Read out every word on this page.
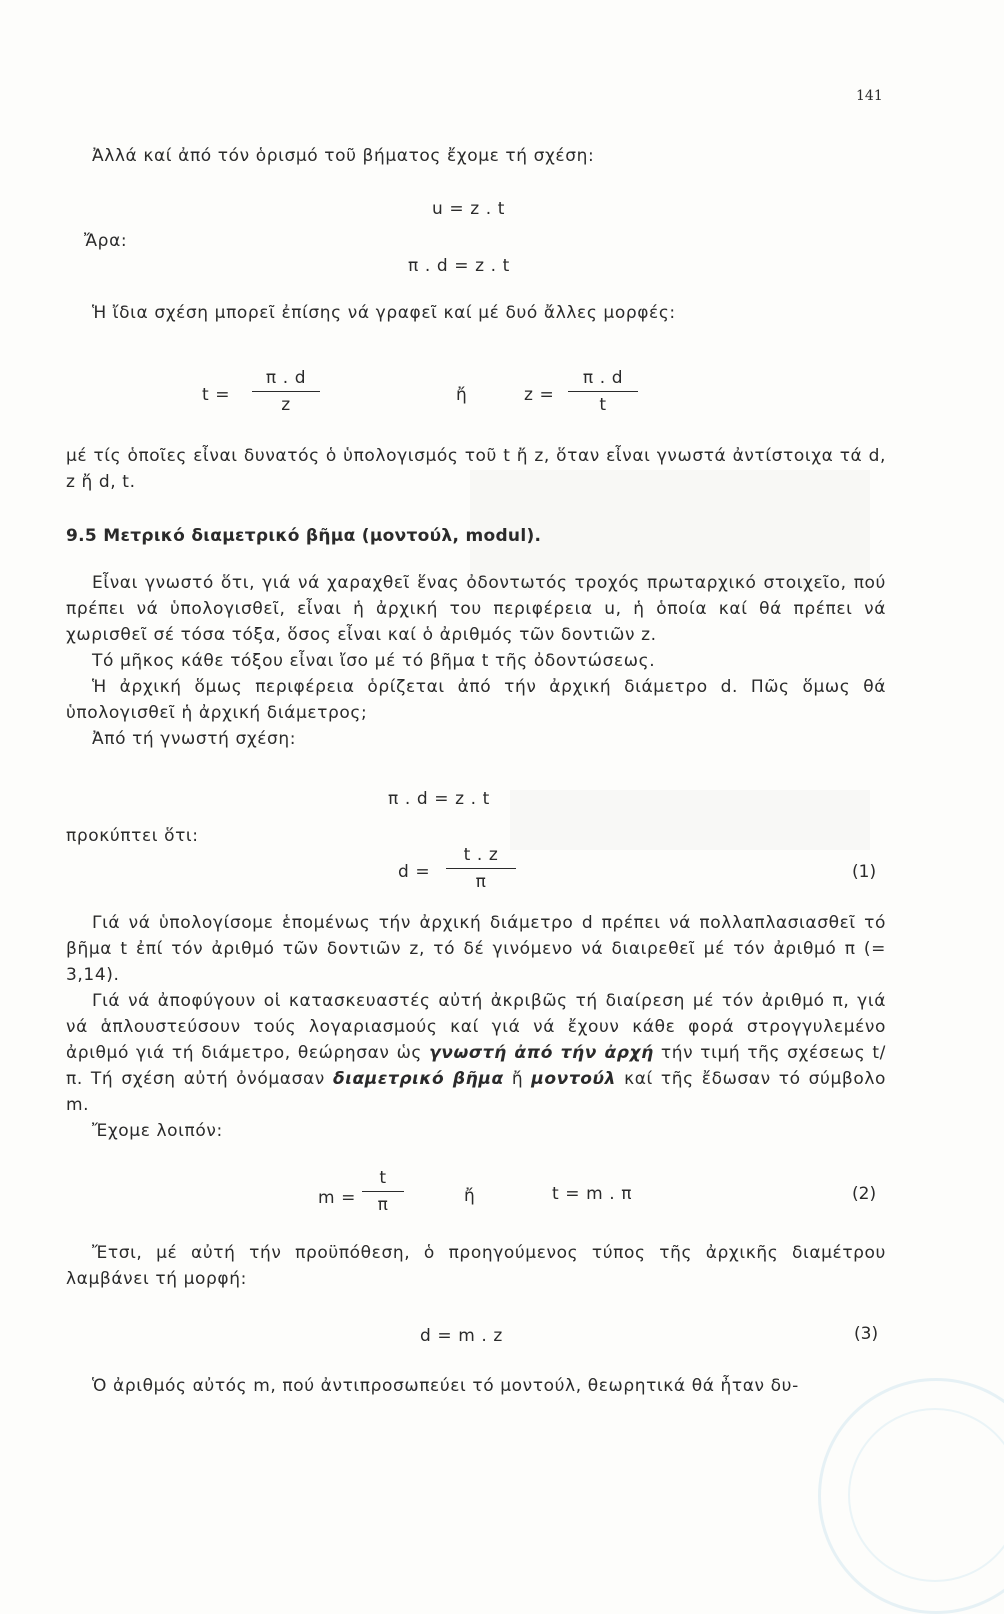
141
Ἀλλά καί ἀπό τόν ὁρισμό τοῦ βήματος ἔχομε τή σχέση:
u = z . t
Ἄρα:
π . d = z . t
Ἡ ἴδια σχέση μπορεῖ ἐπίσης νά γραφεῖ καί μέ δυό ἄλλες μορφές:
t =
π . d
z	ἤ	z =
π . d
t

μέ τίς ὁποῖες εἶναι δυνατός ὁ ὑπολογισμός τοῦ t ἤ z, ὅταν εἶναι γνωστά ἀντίστοιχα τά d, z ἤ d, t.

9.5 Μετρικό διαμετρικό βῆμα (μοντούλ, modul).

Εἶναι γνωστό ὅτι, γιά νά χαραχθεῖ ἕνας ὀδοντωτός τροχός πρωταρχικό στοιχεῖο, πού πρέπει νά ὑπολογισθεῖ, εἶναι ἡ ἀρχική του περιφέρεια u, ἡ ὁποία καί θά πρέπει νά χωρισθεῖ σέ τόσα τόξα, ὅσος εἶναι καί ὁ ἀριθμός τῶν δοντιῶν z.

Τό μῆκος κάθε τόξου εἶναι ἴσο μέ τό βῆμα t τῆς ὀδοντώσεως.

Ἡ ἀρχική ὅμως περιφέρεια ὁρίζεται ἀπό τήν ἀρχική διάμετρο d. Πῶς ὅμως θά ὑπολογισθεῖ ἡ ἀρχική διάμετρος;

Ἀπό τή γνωστή σχέση:

π . d = z . t
προκύπτει ὅτι:
d =
t . z
π	(1)

Γιά νά ὑπολογίσομε ἑπομένως τήν ἀρχική διάμετρο d πρέπει νά πολλαπλασιασθεῖ τό βῆμα t ἐπί τόν ἀριθμό τῶν δοντιῶν z, τό δέ γινόμενο νά διαιρεθεῖ μέ τόν ἀριθμό π (= 3,14).

Γιά νά ἀποφύγουν οἱ κατασκευαστές αὐτή ἀκριβῶς τή διαίρεση μέ τόν ἀριθμό π, γιά νά ἁπλουστεύσουν τούς λογαριασμούς καί γιά νά ἔχουν κάθε φορά στρογγυλεμένο ἀριθμό γιά τή διάμετρο, θεώρησαν ὡς γνωστή ἀπό τήν ἀρχή τήν τιμή τῆς σχέσεως t/π. Τή σχέση αὐτή ὀνόμασαν διαμετρικό βῆμα ἤ μοντούλ καί τῆς ἔδωσαν τό σύμβολο m.

Ἔχομε λοιπόν:

m =
t
π	ἤ	t = m . π	(2)

Ἔτσι, μέ αὐτή τήν προϋπόθεση, ὁ προηγούμενος τύπος τῆς ἀρχικῆς διαμέτρου λαμβάνει τή μορφή:

d = m . z	(3)
Ὁ ἀριθμός αὐτός m, πού ἀντιπροσωπεύει τό μοντούλ, θεωρητικά θά ἦταν δυ-
